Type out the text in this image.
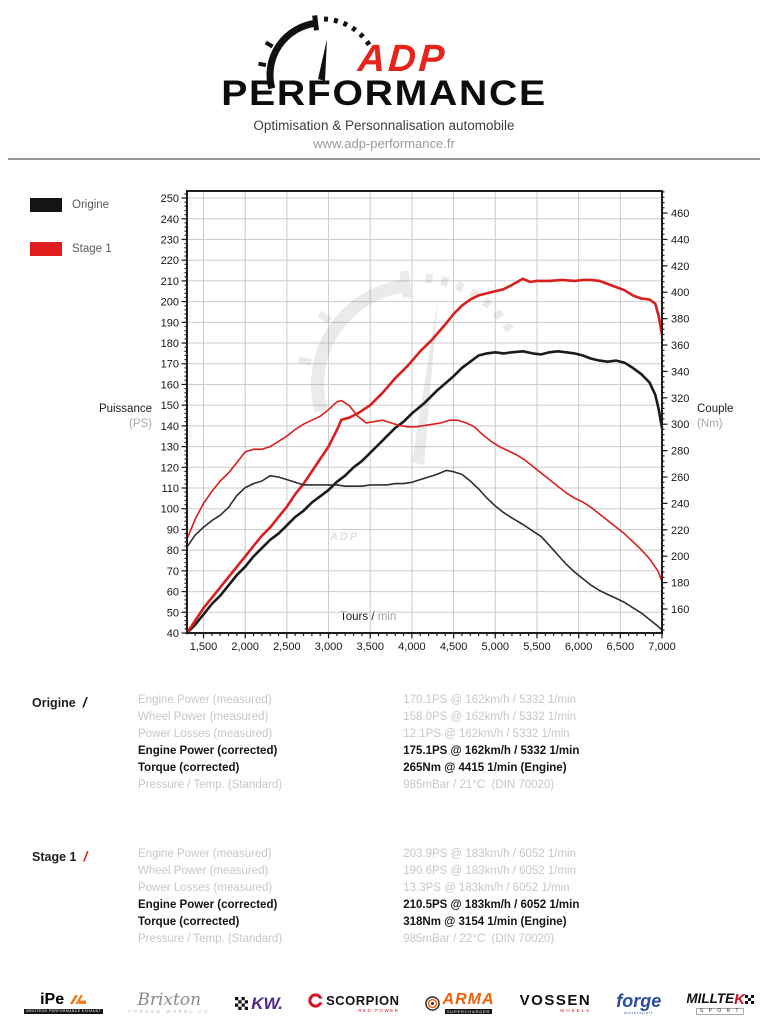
ADP
PERFORMANCE
Optimisation & Personnalisation automobile
www.adp-performance.fr
Origine
Stage 1
Puissance
(PS)
Couple
(Nm)
Tours / min
ADP
1,500 2,000 2,500 3,000 3,500 4,000 4,500 5,000 5,500 6,000 6,500 7,000
40
50
60
70
80
90
100
110
120
130
140
150
160
170
180
190
200
210
220
230
240
250
160
180
200
220
240
260
280
300
320
340
360
380
400
420
440
460
Origine /	Engine Power (measured)	170.1PS @ 162km/h / 5332 1/min
Wheel Power (measured)	158.0PS @ 162km/h / 5332 1/min
Power Losses (measured)	12.1PS @ 162km/h / 5332 1/min
Engine Power (corrected)	175.1PS @ 162km/h / 5332 1/min
Torque (corrected)	265Nm @ 4415 1/min (Engine)
Pressure / Temp. (Standard)	985mBar / 21°C  (DIN 70020)
Stage 1 /	Engine Power (measured)	203.9PS @ 183km/h / 6052 1/min
Wheel Power (measured)	190.6PS @ 183km/h / 6052 1/min
Power Losses (measured)	13.3PS @ 183km/h / 6052 1/min
Engine Power (corrected)	210.5PS @ 183km/h / 6052 1/min
Torque (corrected)	318Nm @ 3154 1/min (Engine)
Pressure / Temp. (Standard)	985mBar / 22°C  (DIN 70020)
iPe
INNOTECH PERFORMANCE EXHAUST
Brixton
FORGED WHEEL CO KW.	SCORPION
RED POWER
ARMA
SUPERCHARGER
VOSSEN
WHEELS forge
motorsport
MILLTE K
S P O R T
